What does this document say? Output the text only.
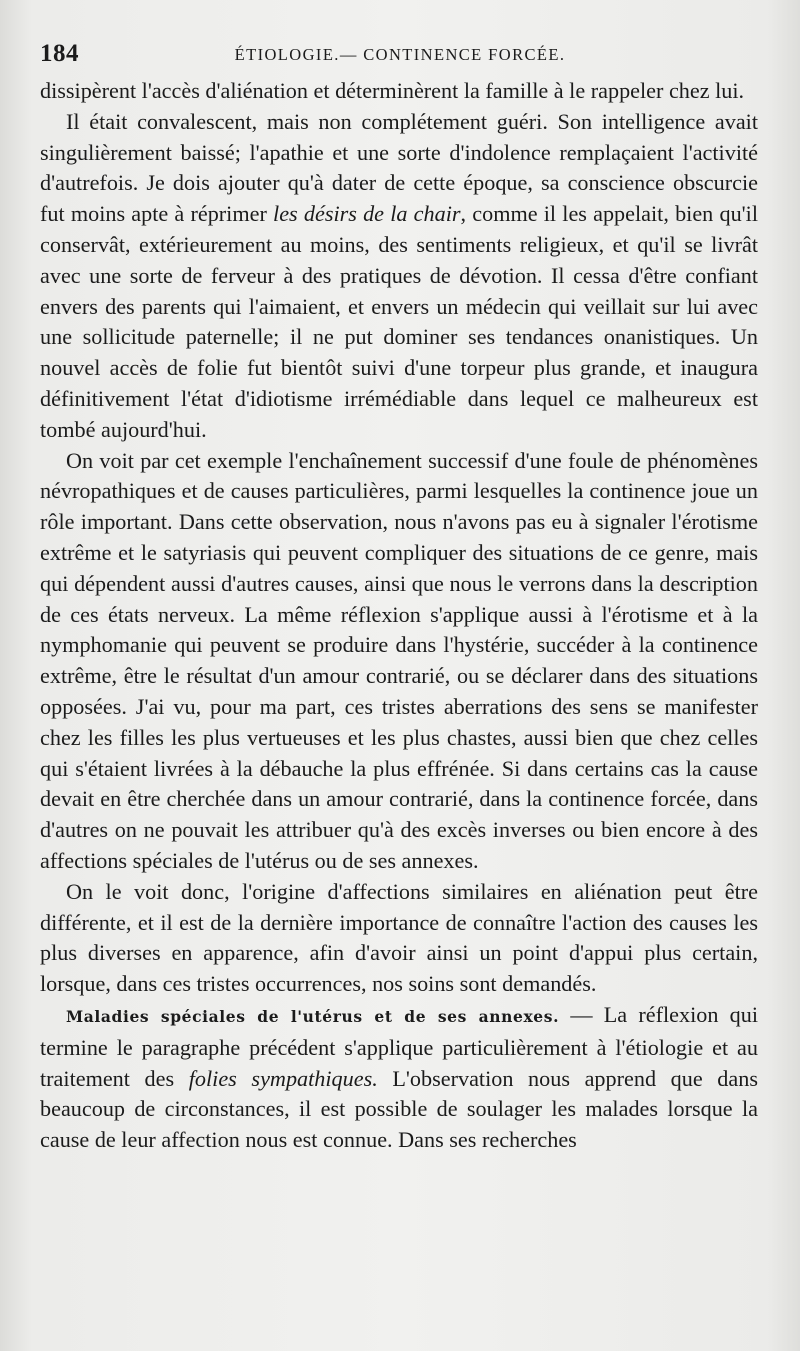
184	ÉTIOLOGIE.— CONTINENCE FORCÉE.

dissipèrent l'accès d'aliénation et déterminèrent la famille à le rappeler chez lui.

Il était convalescent, mais non complétement guéri. Son intelligence avait singulièrement baissé; l'apathie et une sorte d'indolence remplaçaient l'activité d'autrefois. Je dois ajouter qu'à dater de cette époque, sa conscience obscurcie fut moins apte à réprimer les désirs de la chair, comme il les appelait, bien qu'il conservât, extérieurement au moins, des sentiments religieux, et qu'il se livrât avec une sorte de ferveur à des pratiques de dévotion. Il cessa d'être confiant envers des parents qui l'aimaient, et envers un médecin qui veillait sur lui avec une sollicitude paternelle; il ne put dominer ses tendances onanistiques. Un nouvel accès de folie fut bientôt suivi d'une torpeur plus grande, et inaugura définitivement l'état d'idiotisme irrémédiable dans lequel ce malheureux est tombé aujourd'hui.

On voit par cet exemple l'enchaînement successif d'une foule de phénomènes névropathiques et de causes particulières, parmi lesquelles la continence joue un rôle important. Dans cette observation, nous n'avons pas eu à signaler l'érotisme extrême et le satyriasis qui peuvent compliquer des situations de ce genre, mais qui dépendent aussi d'autres causes, ainsi que nous le verrons dans la description de ces états nerveux. La même réflexion s'applique aussi à l'érotisme et à la nymphomanie qui peuvent se produire dans l'hystérie, succéder à la continence extrême, être le résultat d'un amour contrarié, ou se déclarer dans des situations opposées. J'ai vu, pour ma part, ces tristes aberrations des sens se manifester chez les filles les plus vertueuses et les plus chastes, aussi bien que chez celles qui s'étaient livrées à la débauche la plus effrénée. Si dans certains cas la cause devait en être cherchée dans un amour contrarié, dans la continence forcée, dans d'autres on ne pouvait les attribuer qu'à des excès inverses ou bien encore à des affections spéciales de l'utérus ou de ses annexes.

On le voit donc, l'origine d'affections similaires en aliénation peut être différente, et il est de la dernière importance de connaître l'action des causes les plus diverses en apparence, afin d'avoir ainsi un point d'appui plus certain, lorsque, dans ces tristes occurrences, nos soins sont demandés.

Maladies spéciales de l'utérus et de ses annexes. — La réflexion qui termine le paragraphe précédent s'applique particulièrement à l'étiologie et au traitement des folies sympathiques. L'observation nous apprend que dans beaucoup de circonstances, il est possible de soulager les malades lorsque la cause de leur affection nous est connue. Dans ses recherches
